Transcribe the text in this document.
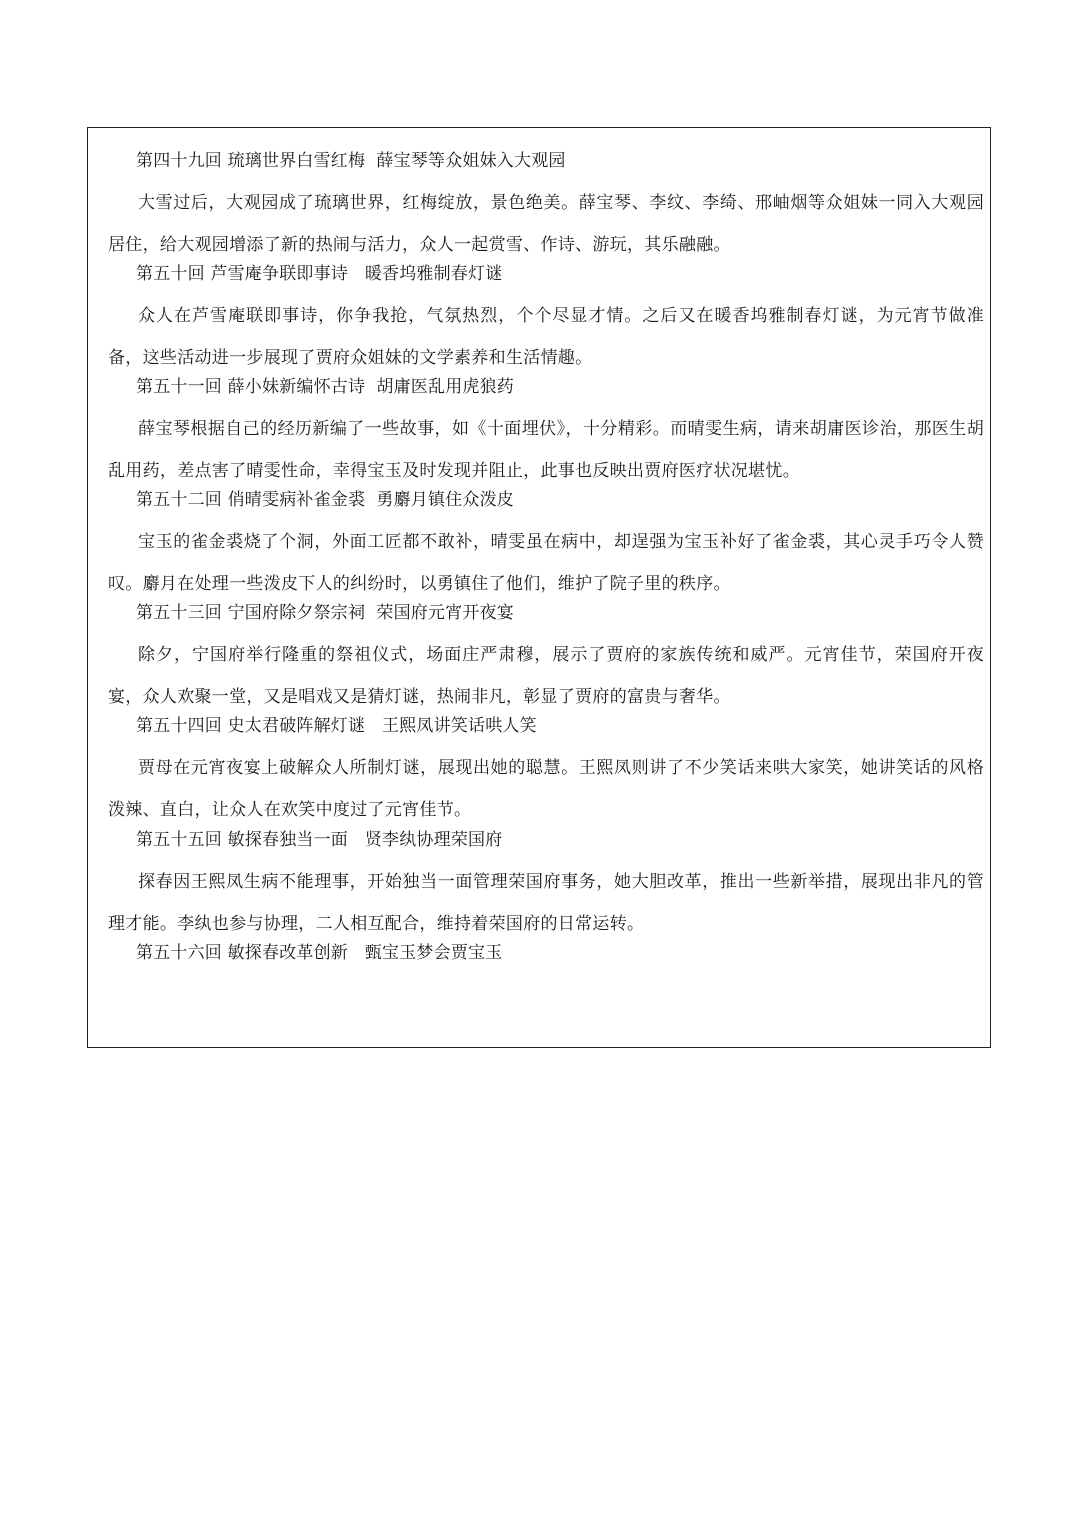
第四十九回 琉璃世界白雪红梅  薛宝琴等众姐妹入大观园
大雪过后，大观园成了琉璃世界，红梅绽放，景色绝美。薛宝琴、李纹、李绮、邢岫烟等众姐妹一同入大观园居住，给大观园增添了新的热闹与活力，众人一起赏雪、作诗、游玩，其乐融融。
第五十回 芦雪庵争联即事诗   暖香坞雅制春灯谜
众人在芦雪庵联即事诗，你争我抢，气氛热烈，个个尽显才情。之后又在暖香坞雅制春灯谜，为元宵节做准备，这些活动进一步展现了贾府众姐妹的文学素养和生活情趣。
第五十一回 薛小妹新编怀古诗  胡庸医乱用虎狼药
薛宝琴根据自己的经历新编了一些故事，如《十面埋伏》，十分精彩。而晴雯生病，请来胡庸医诊治，那医生胡乱用药，差点害了晴雯性命，幸得宝玉及时发现并阻止，此事也反映出贾府医疗状况堪忧。
第五十二回 俏晴雯病补雀金裘  勇麝月镇住众泼皮
宝玉的雀金裘烧了个洞，外面工匠都不敢补，晴雯虽在病中，却逞强为宝玉补好了雀金裘，其心灵手巧令人赞叹。麝月在处理一些泼皮下人的纠纷时，以勇镇住了他们，维护了院子里的秩序。
第五十三回 宁国府除夕祭宗祠  荣国府元宵开夜宴
除夕，宁国府举行隆重的祭祖仪式，场面庄严肃穆，展示了贾府的家族传统和威严。元宵佳节，荣国府开夜宴，众人欢聚一堂，又是唱戏又是猜灯谜，热闹非凡，彰显了贾府的富贵与奢华。
第五十四回 史太君破阵解灯谜   王熙凤讲笑话哄人笑
贾母在元宵夜宴上破解众人所制灯谜，展现出她的聪慧。王熙凤则讲了不少笑话来哄大家笑，她讲笑话的风格泼辣、直白，让众人在欢笑中度过了元宵佳节。
第五十五回 敏探春独当一面   贤李纨协理荣国府
探春因王熙凤生病不能理事，开始独当一面管理荣国府事务，她大胆改革，推出一些新举措，展现出非凡的管理才能。李纨也参与协理，二人相互配合，维持着荣国府的日常运转。
第五十六回 敏探春改革创新   甄宝玉梦会贾宝玉
